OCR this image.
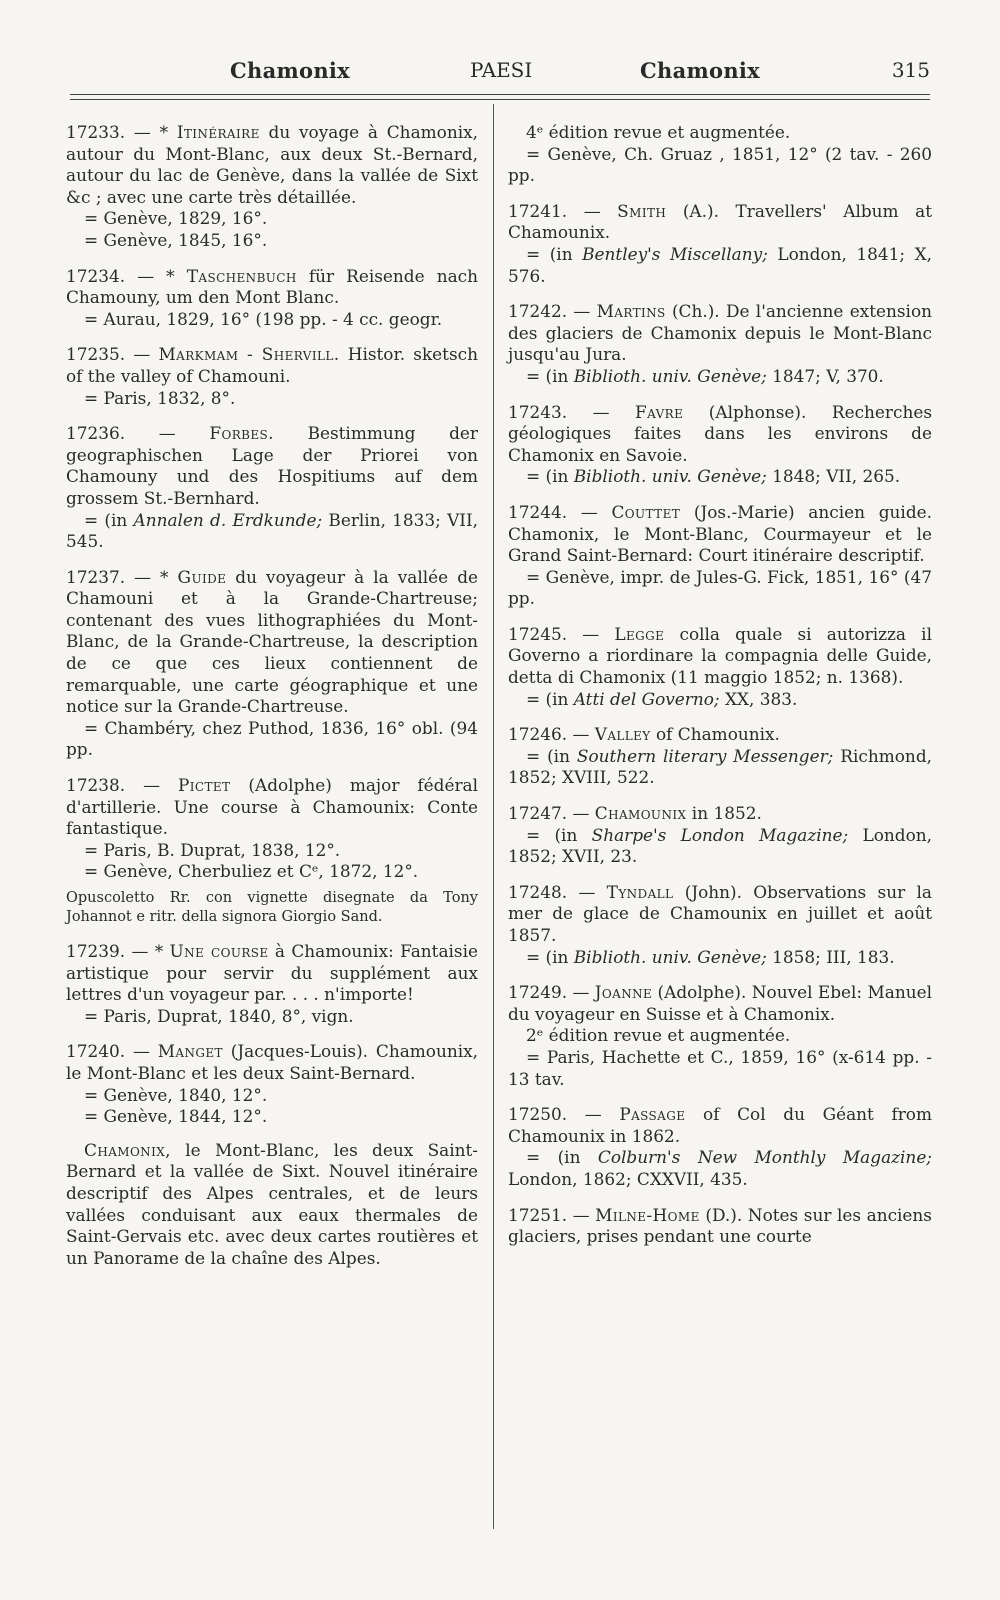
Chamonix	PAESI	Chamonix	315

17233. — * Itinéraire du voyage à Chamonix, autour du Mont-Blanc, aux deux St.-Bernard, autour du lac de Genève, dans la vallée de Sixt &c ; avec une carte très détaillée.

= Genève, 1829, 16°.

= Genève, 1845, 16°.

17234. — * Taschenbuch für Reisende nach Chamouny, um den Mont Blanc.

= Aurau, 1829, 16° (198 pp. - 4 cc. geogr.

17235. — Markmam - Shervill. Histor. sketsch of the valley of Chamouni.

= Paris, 1832, 8°.

17236. — Forbes. Bestimmung der geographischen Lage der Priorei von Chamouny und des Hospitiums auf dem grossem St.-Bernhard.

= (in Annalen d. Erdkunde; Berlin, 1833; VII, 545.

17237. — * Guide du voyageur à la vallée de Chamouni et à la Grande-Chartreuse; contenant des vues lithographiées du Mont-Blanc, de la Grande-Chartreuse, la description de ce que ces lieux contiennent de remarquable, une carte géographique et une notice sur la Grande-Chartreuse.

= Chambéry, chez Puthod, 1836, 16° obl. (94 pp.

17238. — Pictet (Adolphe) major fédéral d'artillerie. Une course à Chamounix: Conte fantastique.

= Paris, B. Duprat, 1838, 12°.

= Genève, Cherbuliez et Cᵉ, 1872, 12°.

Opuscoletto Rr. con vignette disegnate da Tony Johannot e ritr. della signora Giorgio Sand.

17239. — * Une course à Chamounix: Fantaisie artistique pour servir du supplément aux lettres d'un voyageur par. . . . n'importe!

= Paris, Duprat, 1840, 8°, vign.

17240. — Manget (Jacques-Louis). Chamounix, le Mont-Blanc et les deux Saint-Bernard.

= Genève, 1840, 12°.

= Genève, 1844, 12°.

Chamonix, le Mont-Blanc, les deux Saint-Bernard et la vallée de Sixt. Nouvel itinéraire descriptif des Alpes centrales, et de leurs vallées conduisant aux eaux thermales de Saint-Gervais etc. avec deux cartes routières et un Panorame de la chaîne des Alpes.

4ᵉ édition revue et augmentée.

= Genève, Ch. Gruaz , 1851, 12° (2 tav. - 260 pp.

17241. — Smith (A.). Travellers' Album at Chamounix.

= (in Bentley's Miscellany; London, 1841; X, 576.

17242. — Martins (Ch.). De l'ancienne extension des glaciers de Chamonix depuis le Mont-Blanc jusqu'au Jura.

= (in Biblioth. univ. Genève; 1847; V, 370.

17243. — Favre (Alphonse). Recherches géologiques faites dans les environs de Chamonix en Savoie.

= (in Biblioth. univ. Genève; 1848; VII, 265.

17244. — Couttet (Jos.-Marie) ancien guide. Chamonix, le Mont-Blanc, Courmayeur et le Grand Saint-Bernard: Court itinéraire descriptif.

= Genève, impr. de Jules-G. Fick, 1851, 16° (47 pp.

17245. — Legge colla quale si autorizza il Governo a riordinare la compagnia delle Guide, detta di Chamonix (11 maggio 1852; n. 1368).

= (in Atti del Governo; XX, 383.

17246. — Valley of Chamounix.

= (in Southern literary Messenger; Richmond, 1852; XVIII, 522.

17247. — Chamounix in 1852.

= (in Sharpe's London Magazine; London, 1852; XVII, 23.

17248. — Tyndall (John). Observations sur la mer de glace de Chamounix en juillet et août 1857.

= (in Biblioth. univ. Genève; 1858; III, 183.

17249. — Joanne (Adolphe). Nouvel Ebel: Manuel du voyageur en Suisse et à Chamonix.

2ᵉ édition revue et augmentée.

= Paris, Hachette et C., 1859, 16° (x-614 pp. - 13 tav.

17250. — Passage of Col du Géant from Chamounix in 1862.

= (in Colburn's New Monthly Magazine; London, 1862; CXXVII, 435.

17251. — Milne-Home (D.). Notes sur les anciens glaciers, prises pendant une courte
